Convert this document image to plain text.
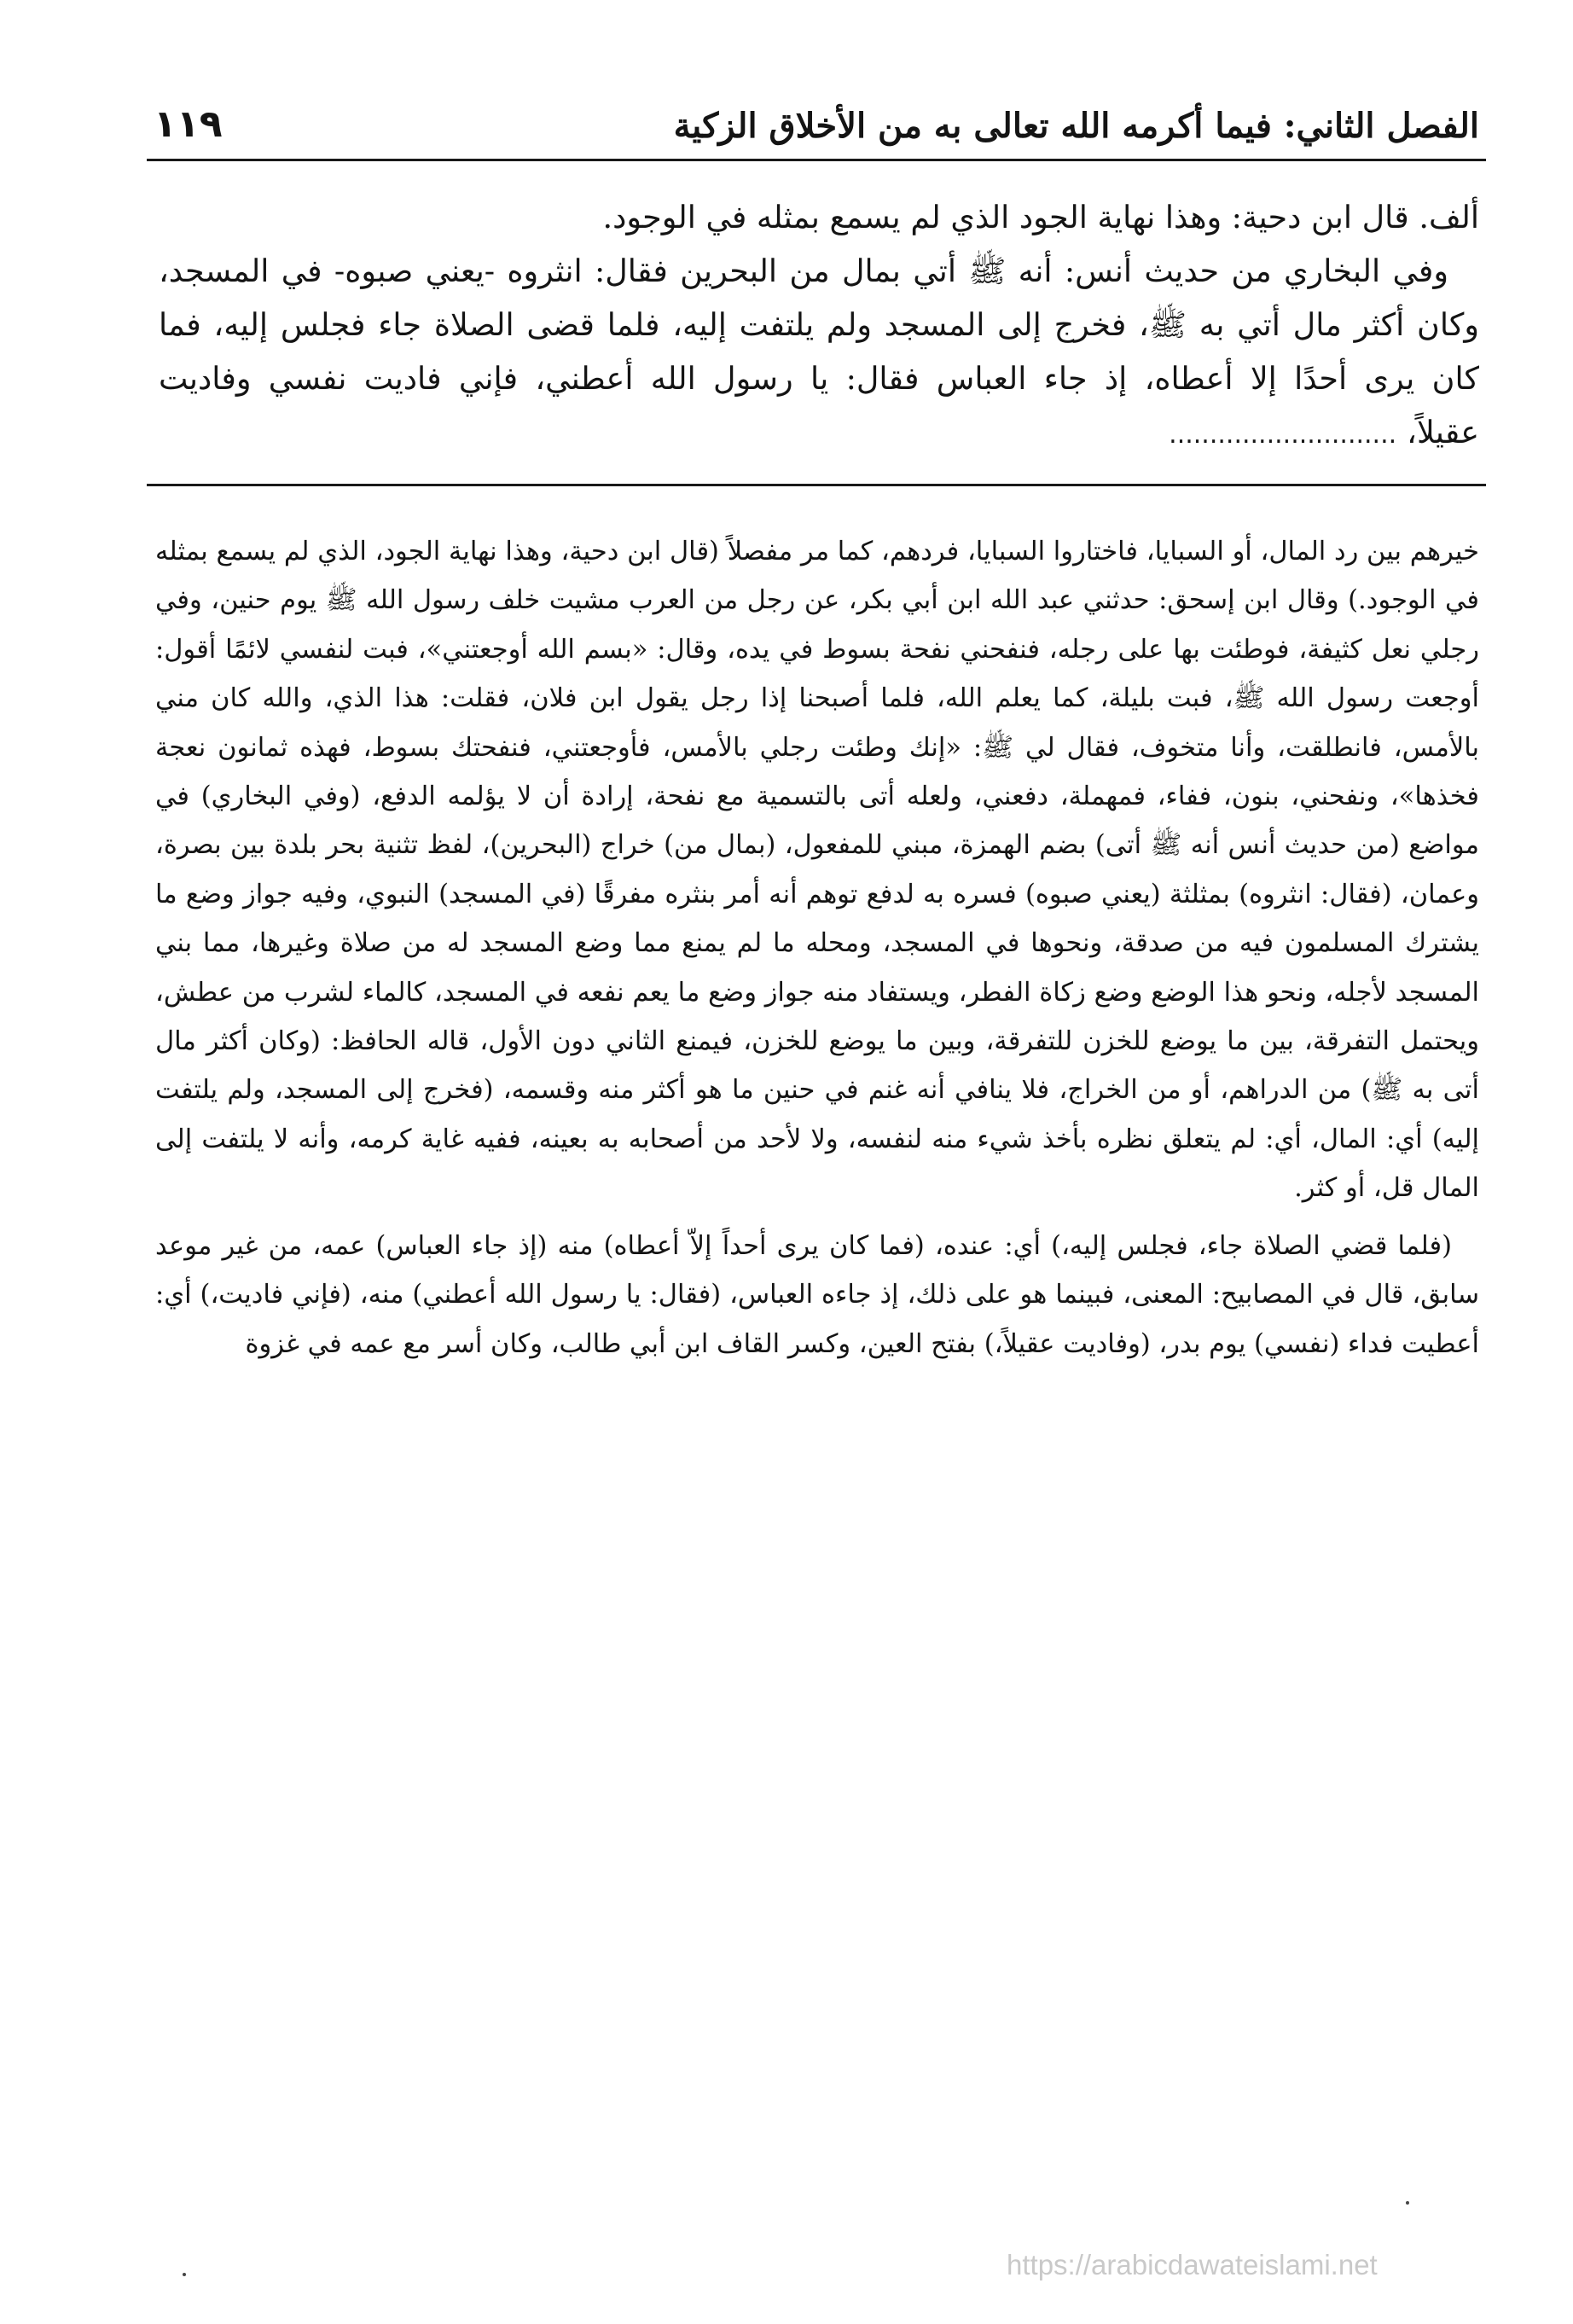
الفصل الثاني: فيما أكرمه الله تعالى به من الأخلاق الزكية
١١٩

ألف. قال ابن دحية: وهذا نهاية الجود الذي لم يسمع بمثله في الوجود.

وفي البخاري من حديث أنس: أنه ﷺ أتي بمال من البحرين فقال: انثروه -يعني صبوه- في المسجد، وكان أكثر مال أتي به ﷺ، فخرج إلى المسجد ولم يلتفت إليه، فلما قضى الصلاة جاء فجلس إليه، فما كان يرى أحدًا إلا أعطاه، إذ جاء العباس فقال: يا رسول الله أعطني، فإني فاديت نفسي وفاديت عقيلاً،............................

خيرهم بين رد المال، أو السبايا، فاختاروا السبايا، فردهم، كما مر مفصلاً (قال ابن دحية، وهذا نهاية الجود، الذي لم يسمع بمثله في الوجود.) وقال ابن إسحق: حدثني عبد الله ابن أبي بكر، عن رجل من العرب مشيت خلف رسول الله ﷺ يوم حنين، وفي رجلي نعل كثيفة، فوطئت بها على رجله، فنفحني نفحة بسوط في يده، وقال: «بسم الله أوجعتني»، فبت لنفسي لائمًا أقول: أوجعت رسول الله ﷺ، فبت بليلة، كما يعلم الله، فلما أصبحنا إذا رجل يقول ابن فلان، فقلت: هذا الذي، والله كان مني بالأمس، فانطلقت، وأنا متخوف، فقال لي ﷺ: «إنك وطئت رجلي بالأمس، فأوجعتني، فنفحتك بسوط، فهذه ثمانون نعجة فخذها»، ونفحني، بنون، ففاء، فمهملة، دفعني، ولعله أتى بالتسمية مع نفحة، إرادة أن لا يؤلمه الدفع، (وفي البخاري) في مواضع (من حديث أنس أنه ﷺ أتى) بضم الهمزة، مبني للمفعول، (بمال من) خراج (البحرين)، لفظ تثنية بحر بلدة بين بصرة، وعمان، (فقال: انثروه) بمثلثة (يعني صبوه) فسره به لدفع توهم أنه أمر بنثره مفرقًا (في المسجد) النبوي، وفيه جواز وضع ما يشترك المسلمون فيه من صدقة، ونحوها في المسجد، ومحله ما لم يمنع مما وضع المسجد له من صلاة وغيرها، مما بني المسجد لأجله، ونحو هذا الوضع وضع زكاة الفطر، ويستفاد منه جواز وضع ما يعم نفعه في المسجد، كالماء لشرب من عطش، ويحتمل التفرقة، بين ما يوضع للخزن للتفرقة، وبين ما يوضع للخزن، فيمنع الثاني دون الأول، قاله الحافظ: (وكان أكثر مال أتى به ﷺ) من الدراهم، أو من الخراج، فلا ينافي أنه غنم في حنين ما هو أكثر منه وقسمه، (فخرج إلى المسجد، ولم يلتفت إليه) أي: المال، أي: لم يتعلق نظره بأخذ شيء منه لنفسه، ولا لأحد من أصحابه به بعينه، ففيه غاية كرمه، وأنه لا يلتفت إلى المال قل، أو كثر.

(فلما قضي الصلاة جاء، فجلس إليه،) أي: عنده، (فما كان يرى أحداً إلاّ أعطاه) منه (إذ جاء العباس) عمه، من غير موعد سابق، قال في المصابيح: المعنى، فبينما هو على ذلك، إذ جاءه العباس، (فقال: يا رسول الله أعطني) منه، (فإني فاديت،) أي: أعطيت فداء (نفسي) يوم بدر، (وفاديت عقيلاً،) بفتح العين، وكسر القاف ابن أبي طالب، وكان أسر مع عمه في غزوة

https://arabicdawateislami.net
